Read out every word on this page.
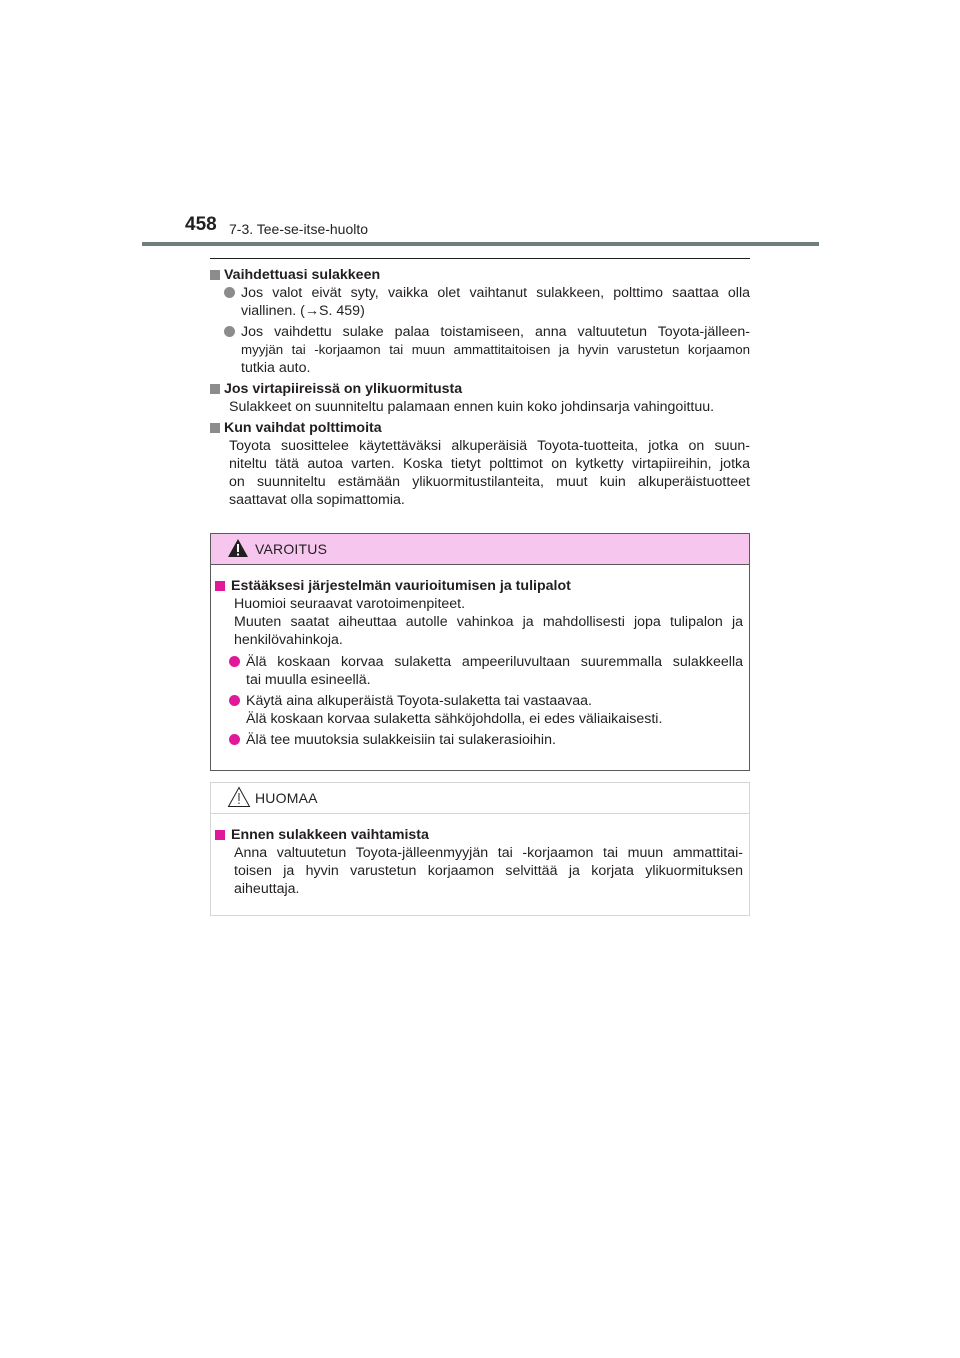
458 7-3. Tee-se-itse-huolto
Vaihdettuasi sulakkeen
Jos valot eivät syty, vaikka olet vaihtanut sulakkeen, polttimo saattaa olla
viallinen. (→S. 459)
Jos vaihdettu sulake palaa toistamiseen, anna valtuutetun Toyota-jälleen-
myyjän tai -korjaamon tai muun ammattitaitoisen ja hyvin varustetun korjaamon
tutkia auto.
Jos virtapiireissä on ylikuormitusta
Sulakkeet on suunniteltu palamaan ennen kuin koko johdinsarja vahingoittuu.
Kun vaihdat polttimoita
Toyota suosittelee käytettäväksi alkuperäisiä Toyota-tuotteita, jotka on suun-
niteltu tätä autoa varten. Koska tietyt polttimot on kytketty virtapiireihin, jotka
on suunniteltu estämään ylikuormitustilanteita, muut kuin alkuperäistuotteet
saattavat olla sopimattomia.
VAROITUS
Estääksesi järjestelmän vaurioitumisen ja tulipalot
Huomioi seuraavat varotoimenpiteet.
Muuten saatat aiheuttaa autolle vahinkoa ja mahdollisesti jopa tulipalon ja
henkilövahinkoja.
Älä koskaan korvaa sulaketta ampeeriluvultaan suuremmalla sulakkeella
tai muulla esineellä.
Käytä aina alkuperäistä Toyota-sulaketta tai vastaavaa.
Älä koskaan korvaa sulaketta sähköjohdolla, ei edes väliaikaisesti.
Älä tee muutoksia sulakkeisiin tai sulakerasioihin.
HUOMAA
Ennen sulakkeen vaihtamista
Anna valtuutetun Toyota-jälleenmyyjän tai -korjaamon tai muun ammattitai-
toisen ja hyvin varustetun korjaamon selvittää ja korjata ylikuormituksen
aiheuttaja.
